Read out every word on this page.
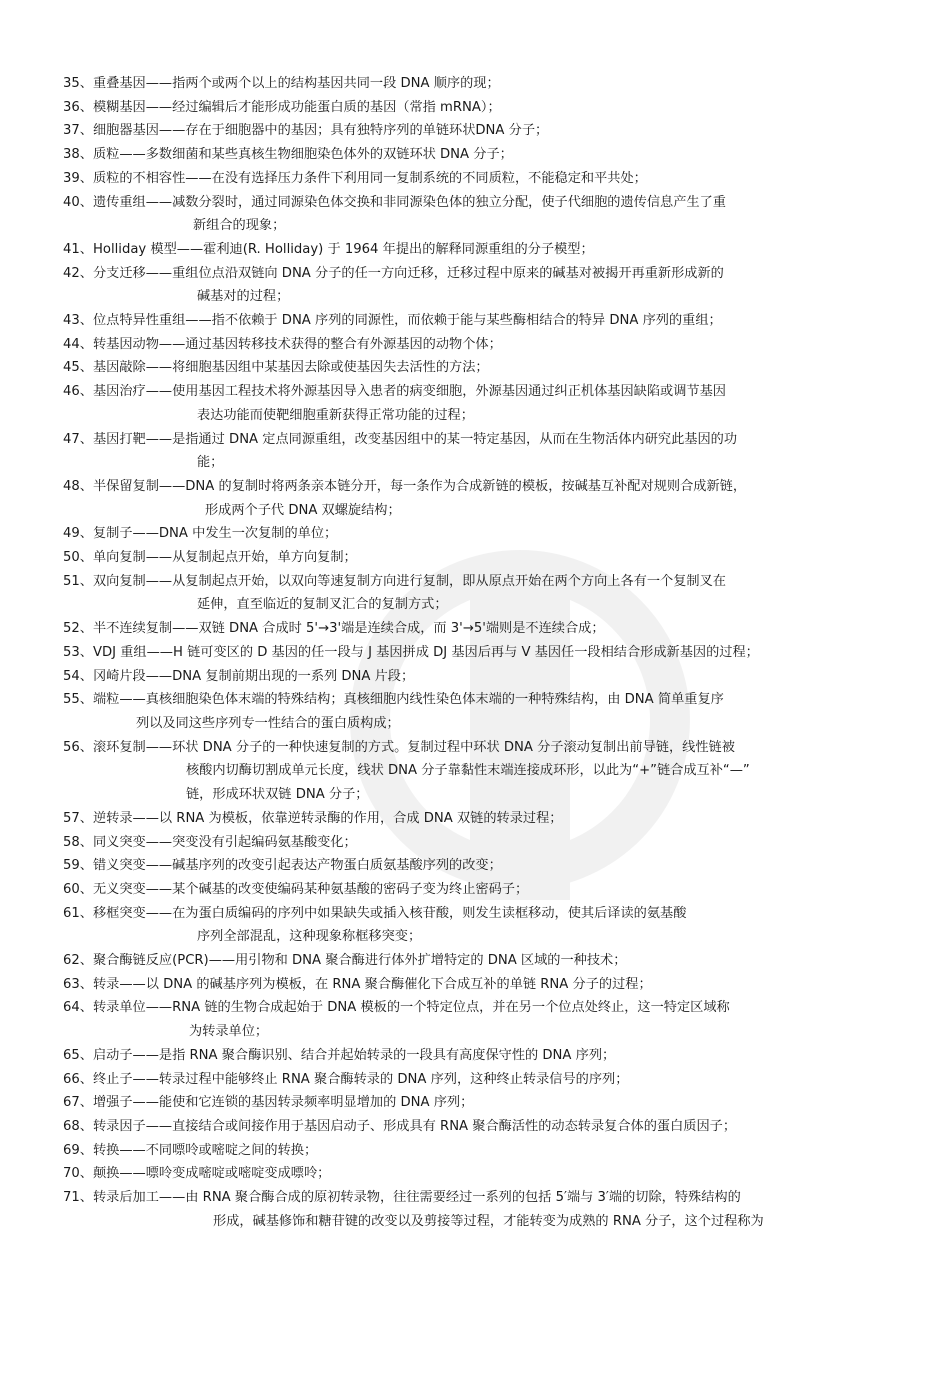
35、重叠基因——指两个或两个以上的结构基因共同一段 DNA 顺序的现；
36、模糊基因——经过编辑后才能形成功能蛋白质的基因（常指 mRNA）；
37、细胞器基因——存在于细胞器中的基因；具有独特序列的单链环状DNA 分子；
38、质粒——多数细菌和某些真核生物细胞染色体外的双链环状 DNA 分子；
39、质粒的不相容性——在没有选择压力条件下利用同一复制系统的不同质粒，不能稳定和平共处；
40、遗传重组——减数分裂时，通过同源染色体交换和非同源染色体的独立分配，使子代细胞的遗传信息产生了重
新组合的现象；
41、Holliday 模型——霍利迪(R. Holliday) 于 1964 年提出的解释同源重组的分子模型；
42、分支迁移——重组位点沿双链向 DNA 分子的任一方向迁移，迁移过程中原来的碱基对被揭开再重新形成新的
碱基对的过程；
43、位点特异性重组——指不依赖于 DNA 序列的同源性，而依赖于能与某些酶相结合的特异 DNA 序列的重组；
44、转基因动物——通过基因转移技术获得的整合有外源基因的动物个体；
45、基因敲除——将细胞基因组中某基因去除或使基因失去活性的方法；
46、基因治疗——使用基因工程技术将外源基因导入患者的病变细胞，外源基因通过纠正机体基因缺陷或调节基因
表达功能而使靶细胞重新获得正常功能的过程；
47、基因打靶——是指通过 DNA 定点同源重组，改变基因组中的某一特定基因，从而在生物活体内研究此基因的功
能；
48、半保留复制——DNA 的复制时将两条亲本链分开，每一条作为合成新链的模板，按碱基互补配对规则合成新链，
形成两个子代 DNA 双螺旋结构；
49、复制子——DNA 中发生一次复制的单位；
50、单向复制——从复制起点开始，单方向复制；
51、双向复制——从复制起点开始，以双向等速复制方向进行复制，即从原点开始在两个方向上各有一个复制叉在
延伸，直至临近的复制叉汇合的复制方式；
52、半不连续复制——双链 DNA 合成时 5'→3'端是连续合成，而 3'→5'端则是不连续合成；
53、VDJ 重组——H 链可变区的 D 基因的任一段与 J 基因拼成 DJ 基因后再与 V 基因任一段相结合形成新基因的过程；
54、冈崎片段——DNA 复制前期出现的一系列 DNA 片段；
55、端粒——真核细胞染色体末端的特殊结构；真核细胞内线性染色体末端的一种特殊结构，由 DNA 简单重复序
列以及同这些序列专一性结合的蛋白质构成；
56、滚环复制——环状 DNA 分子的一种快速复制的方式。复制过程中环状 DNA 分子滚动复制出前导链，线性链被
核酸内切酶切割成单元长度，线状 DNA 分子靠黏性末端连接成环形，以此为“+”链合成互补“—”
链，形成环状双链 DNA 分子；
57、逆转录——以 RNA 为模板，依靠逆转录酶的作用，合成 DNA 双链的转录过程；
58、同义突变——突变没有引起编码氨基酸变化；
59、错义突变——碱基序列的改变引起表达产物蛋白质氨基酸序列的改变；
60、无义突变——某个碱基的改变使编码某种氨基酸的密码子变为终止密码子；
61、移框突变——在为蛋白质编码的序列中如果缺失或插入核苷酸，则发生读框移动，使其后译读的氨基酸
序列全部混乱，这种现象称框移突变；
62、聚合酶链反应(PCR)——用引物和 DNA 聚合酶进行体外扩增特定的 DNA 区域的一种技术；
63、转录——以 DNA 的碱基序列为模板，在 RNA 聚合酶催化下合成互补的单链 RNA 分子的过程；
64、转录单位——RNA 链的生物合成起始于 DNA 模板的一个特定位点，并在另一个位点处终止，这一特定区域称
为转录单位；
65、启动子——是指 RNA 聚合酶识别、结合并起始转录的一段具有高度保守性的 DNA 序列；
66、终止子——转录过程中能够终止 RNA 聚合酶转录的 DNA 序列，这种终止转录信号的序列；
67、增强子——能使和它连锁的基因转录频率明显增加的 DNA 序列；
68、转录因子——直接结合或间接作用于基因启动子、形成具有 RNA 聚合酶活性的动态转录复合体的蛋白质因子；
69、转换——不同嘌呤或嘧啶之间的转换；
70、颠换——嘌呤变成嘧啶或嘧啶变成嘌呤；
71、转录后加工——由 RNA 聚合酶合成的原初转录物，往往需要经过一系列的包括 5′端与 3′端的切除，特殊结构的
形成，碱基修饰和糖苷键的改变以及剪接等过程，才能转变为成熟的 RNA 分子，这个过程称为
